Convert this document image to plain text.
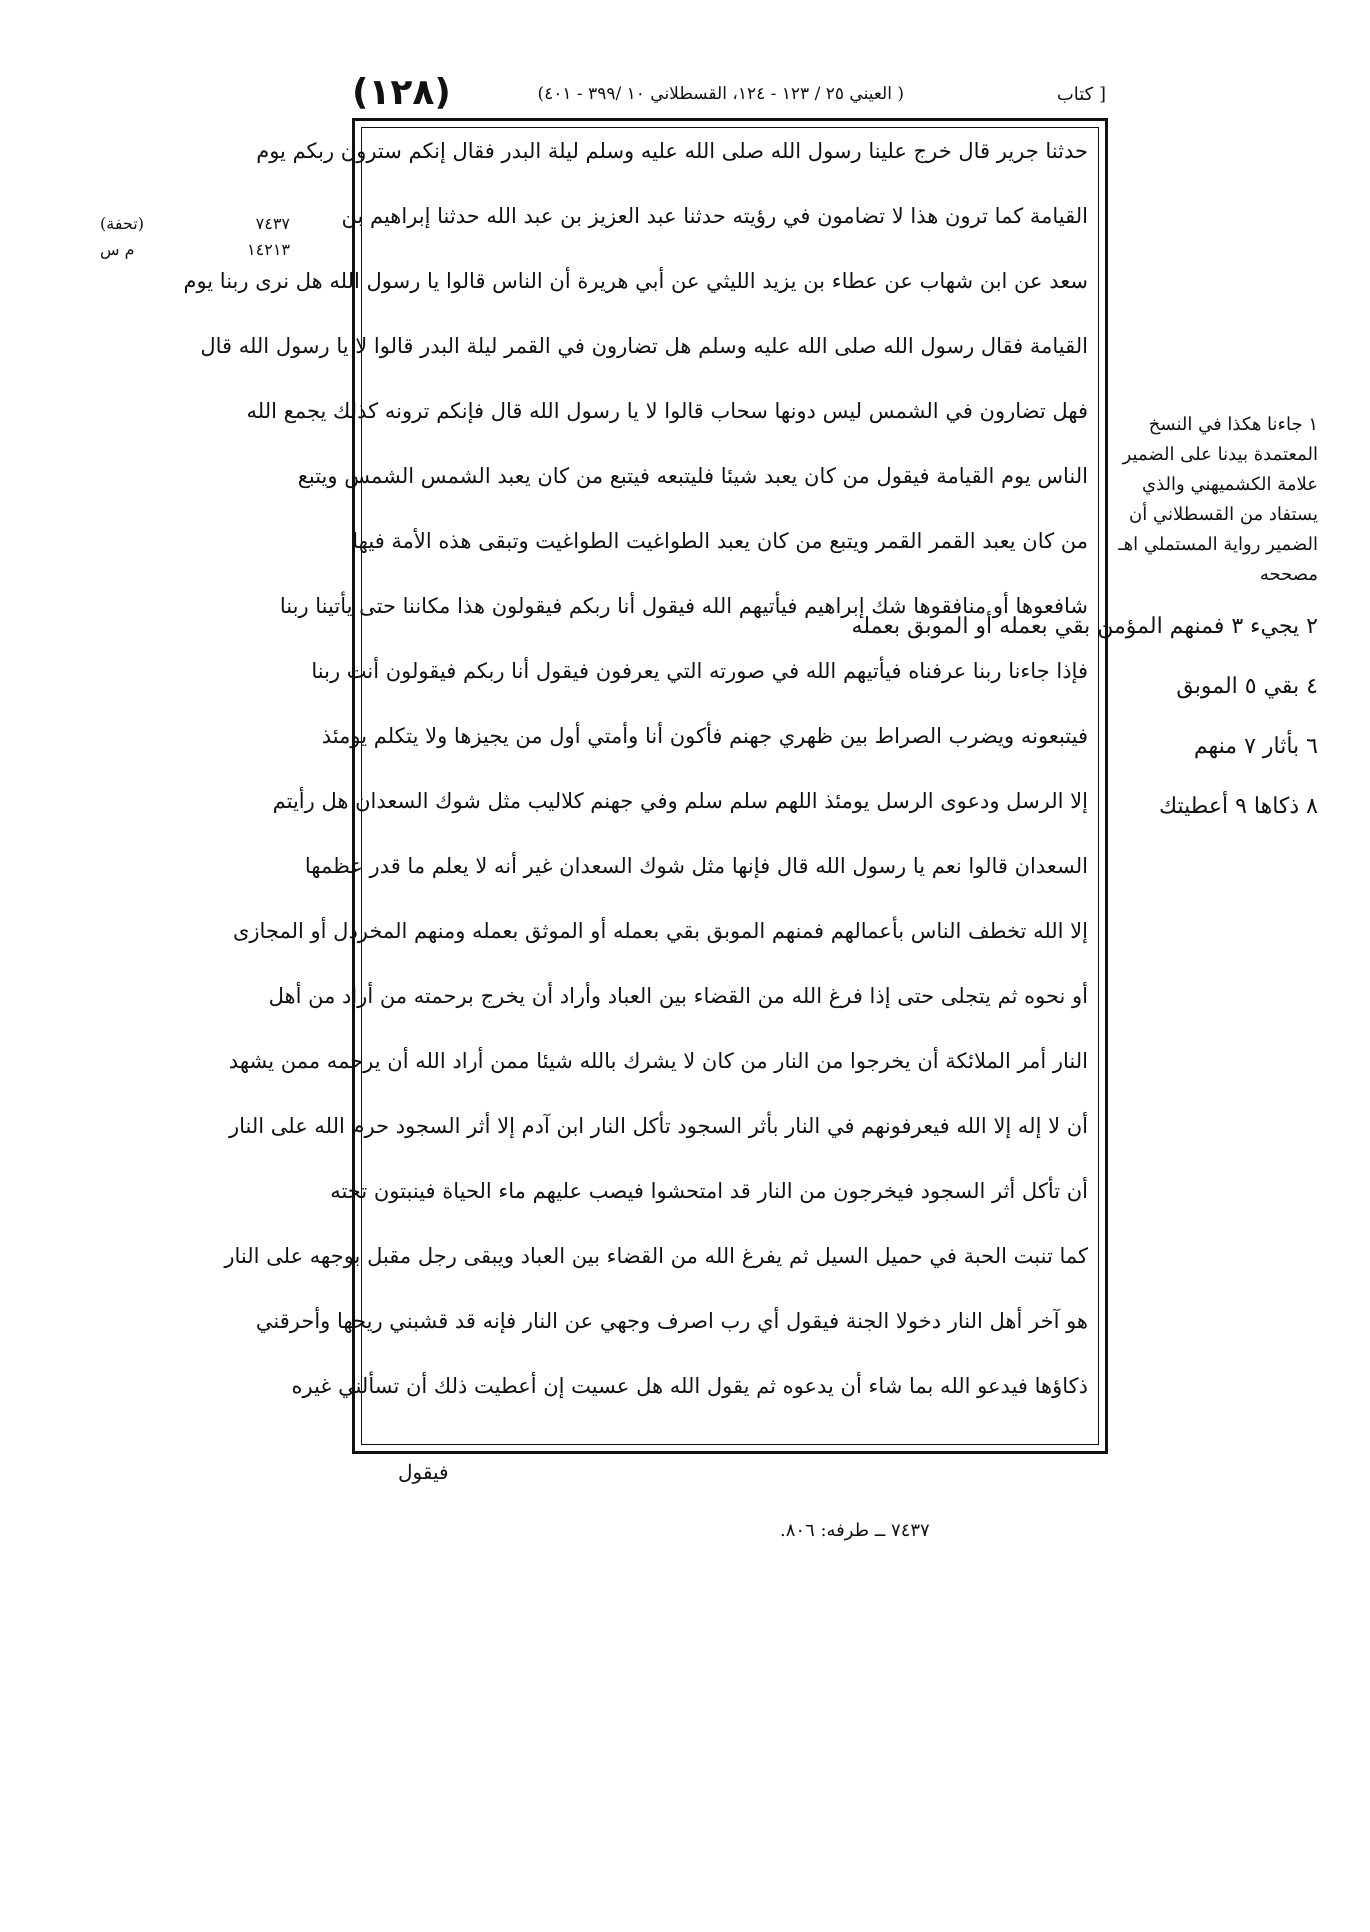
(١٢٨)	( العيني ٢٥ / ١٢٣ - ١٢٤، القسطلاني ١٠ /٣٩٩ - ٤٠١)	[ كتاب
٧٤٣٧
(تحفة)
١٤٢١٣
م س
حدثنا جرير قال خرج علينا رسول الله صلى الله عليه وسلم ليلة البدر فقال إنكم سترون ربكم يوم
القيامة كما ترون هذا لا تضامون في رؤيته حدثنا عبد العزيز بن عبد الله حدثنا إبراهيم بن
سعد عن ابن شهاب عن عطاء بن يزيد الليثي عن أبي هريرة أن الناس قالوا يا رسول الله هل نرى ربنا يوم
القيامة فقال رسول الله صلى الله عليه وسلم هل تضارون في القمر ليلة البدر قالوا لا يا رسول الله قال
فهل تضارون في الشمس ليس دونها سحاب قالوا لا يا رسول الله قال فإنكم ترونه كذلك يجمع الله
الناس يوم القيامة فيقول من كان يعبد شيئا فليتبعه فيتبع من كان يعبد الشمس الشمس ويتبع
من كان يعبد القمر القمر ويتبع من كان يعبد الطواغيت الطواغيت وتبقى هذه الأمة فيها
شافعوها أو منافقوها شك إبراهيم فيأتيهم الله فيقول أنا ربكم فيقولون هذا مكاننا حتى يأتينا ربنا
فإذا جاءنا ربنا عرفناه فيأتيهم الله في صورته التي يعرفون فيقول أنا ربكم فيقولون أنت ربنا
فيتبعونه ويضرب الصراط بين ظهري جهنم فأكون أنا وأمتي أول من يجيزها ولا يتكلم يومئذ
إلا الرسل ودعوى الرسل يومئذ اللهم سلم سلم وفي جهنم كلاليب مثل شوك السعدان هل رأيتم
السعدان قالوا نعم يا رسول الله قال فإنها مثل شوك السعدان غير أنه لا يعلم ما قدر عظمها
إلا الله تخطف الناس بأعمالهم فمنهم الموبق بقي بعمله أو الموثق بعمله ومنهم المخردل أو المجازى
أو نحوه ثم يتجلى حتى إذا فرغ الله من القضاء بين العباد وأراد أن يخرج برحمته من أراد من أهل
النار أمر الملائكة أن يخرجوا من النار من كان لا يشرك بالله شيئا ممن أراد الله أن يرحمه ممن يشهد
أن لا إله إلا الله فيعرفونهم في النار بأثر السجود تأكل النار ابن آدم إلا أثر السجود حرم الله على النار
أن تأكل أثر السجود فيخرجون من النار قد امتحشوا فيصب عليهم ماء الحياة فينبتون تحته
كما تنبت الحبة في حميل السيل ثم يفرغ الله من القضاء بين العباد ويبقى رجل مقبل بوجهه على النار
هو آخر أهل النار دخولا الجنة فيقول أي رب اصرف وجهي عن النار فإنه قد قشبني ريحها وأحرقني
ذكاؤها فيدعو الله بما شاء أن يدعوه ثم يقول الله هل عسيت إن أعطيت ذلك أن تسألني غيره
١ جاءنا هكذا في النسخ المعتمدة بيدنا على الضمير علامة الكشميهني والذي يستفاد من القسطلاني أن الضمير رواية المستملي اهـ مصححه
٢ يجيء ٣ فمنهم المؤمن بقي بعمله أو الموبق بعمله
٤ بقي ٥ الموبق
٦ بأثار ٧ منهم
٨ ذكاها ٩ أعطيتك
فيقول
٧٤٣٧ ــ طرفه: ٨٠٦.
